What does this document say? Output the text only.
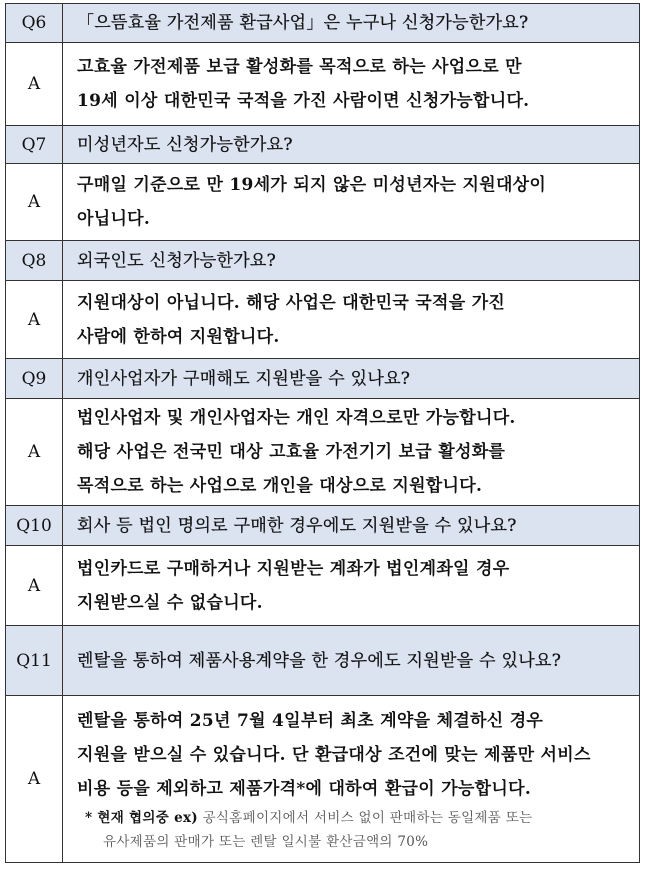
Q6	「으뜸효율 가전제품 환급사업」은 누구나 신청가능한가요?
A	고효율 가전제품 보급 활성화를 목적으로 하는 사업으로 만
19세 이상 대한민국 국적을 가진 사람이면 신청가능합니다.

Q7	미성년자도 신청가능한가요?
A	구매일 기준으로 만 19세가 되지 않은 미성년자는 지원대상이
아닙니다.

Q8	외국인도 신청가능한가요?
A	지원대상이 아닙니다. 해당 사업은 대한민국 국적을 가진
사람에 한하여 지원합니다.

Q9	개인사업자가 구매해도 지원받을 수 있나요?
A	법인사업자 및 개인사업자는 개인 자격으로만 가능합니다.
해당 사업은 전국민 대상 고효율 가전기기 보급 활성화를
목적으로 하는 사업으로 개인을 대상으로 지원합니다.

Q10	회사 등 법인 명의로 구매한 경우에도 지원받을 수 있나요?
A	법인카드로 구매하거나 지원받는 계좌가 법인계좌일 경우
지원받으실 수 없습니다.

Q11	렌탈을 통하여 제품사용계약을 한 경우에도 지원받을 수 있나요?
A	렌탈을 통하여 25년 7월 4일부터 최초 계약을 체결하신 경우
지원을 받으실 수 있습니다. 단 환급대상 조건에 맞는 제품만 서비스
비용 등을 제외하고 제품가격*에 대하여 환급이 가능합니다.
* 현재 협의중 ex) 공식홈페이지에서 서비스 없이 판매하는 동일제품 또는
유사제품의 판매가 또는 렌탈 일시불 환산금액의 70%
